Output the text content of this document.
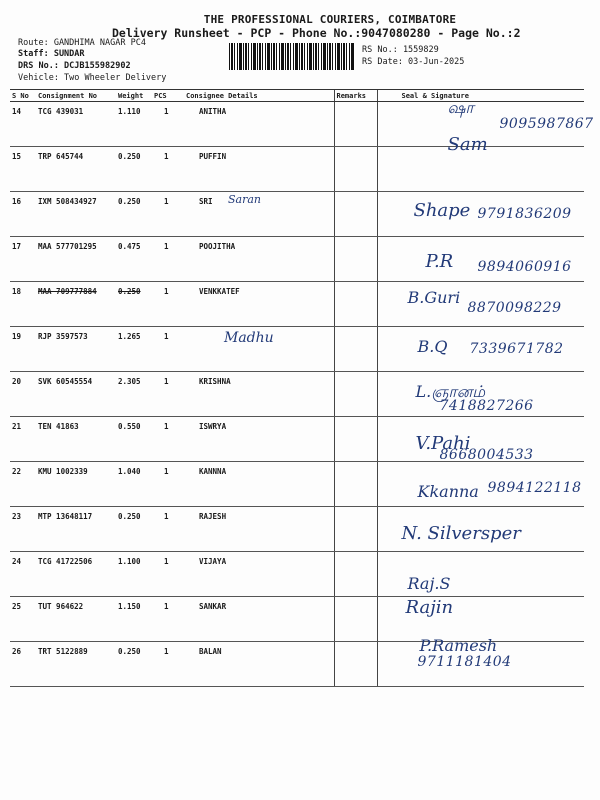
THE PROFESSIONAL COURIERS, COIMBATORE
Delivery Runsheet - PCP - Phone No.:9047080280 - Page No.:2
Route: GANDHIMA NAGAR PC4
Staff: SUNDAR
DRS No.: DCJB155982902
Vehicle: Two Wheeler Delivery
RS No.: 1559829
RS Date: 03-Jun-2025
S No	Consignment No	Weight	PCS	Consignee Details	Remarks	Seal & Signature
14	TCG 439031	1.110	1	ANITHA		ஷா
9095987867
Sam

15	TRP 645744	0.250	1	PUFFIN		
16	IXM 508434927	0.250	1	SRI Saran		Shape 9791836209

17	MAA 577701295	0.475	1	POOJITHA		P.R 9894060916

18	MAA 709777884	0.250	1	VENKKATEF		B.Guri
8870098229

19	RJP 3597573	1.265	1	Madhu		B.Q 7339671782

20	SVK 60545554	2.305	1	KRISHNA		L.ஞானம்
7418827266

21	TEN 41863	0.550	1	ISWRYA		V.Pahi
8668004533

22	KMU 1002339	1.040	1	KANNNA		Kkanna 9894122118

23	MTP 13648117	0.250	1	RAJESH		N. Silversper

24	TCG 41722506	1.100	1	VIJAYA		Raj.S

25	TUT 964622	1.150	1	SANKAR		Rajin

26	TRT 5122889	0.250	1	BALAN		P.Ramesh
9711181404
